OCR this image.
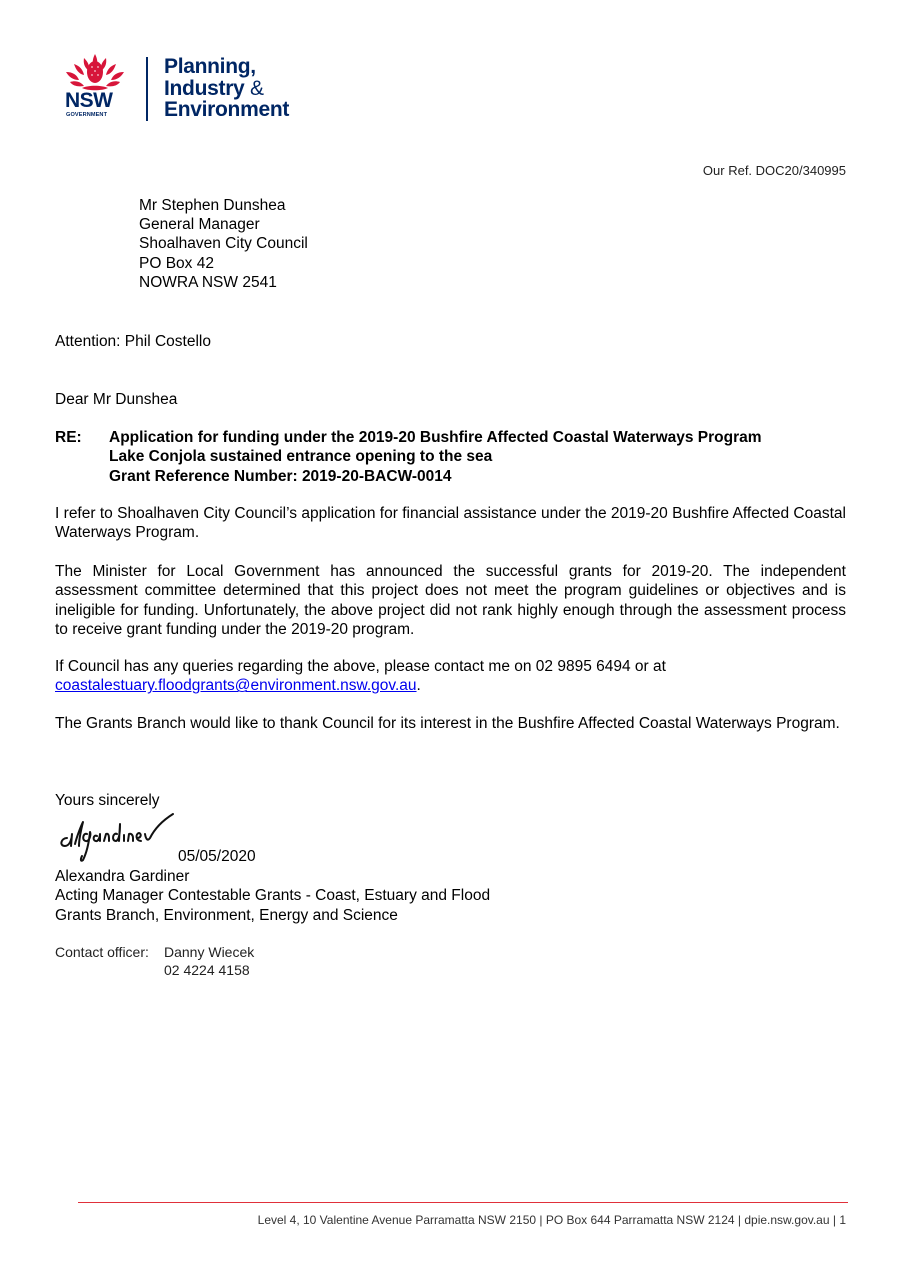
NSW
GOVERNMENT
Planning,
Industry &
Environment
Our Ref. DOC20/340995
Mr Stephen Dunshea
General Manager
Shoalhaven City Council
PO Box 42
NOWRA NSW 2541
Attention: Phil Costello
Dear Mr Dunshea
RE: Application for funding under the 2019-20 Bushfire Affected Coastal Waterways Program
Lake Conjola sustained entrance opening to the sea
Grant Reference Number: 2019-20-BACW-0014
I refer to Shoalhaven City Council’s application for financial assistance under the 2019-20 Bushfire Affected Coastal Waterways Program.
The Minister for Local Government has announced the successful grants for 2019-20. The independent assessment committee determined that this project does not meet the program guidelines or objectives and is ineligible for funding. Unfortunately, the above project did not rank highly enough through the assessment process to receive grant funding under the 2019-20 program.
If Council has any queries regarding the above, please contact me on 02 9895 6494 or at
coastalestuary.floodgrants@environment.nsw.gov.au.
The Grants Branch would like to thank Council for its interest in the Bushfire Affected Coastal Waterways Program.
Yours sincerely
05/05/2020
Alexandra Gardiner
Acting Manager Contestable Grants - Coast, Estuary and Flood
Grants Branch, Environment, Energy and Science
Contact officer: Danny Wiecek
02 4224 4158
Level 4, 10 Valentine Avenue Parramatta NSW 2150 | PO Box 644 Parramatta NSW 2124 | dpie.nsw.gov.au | 1
